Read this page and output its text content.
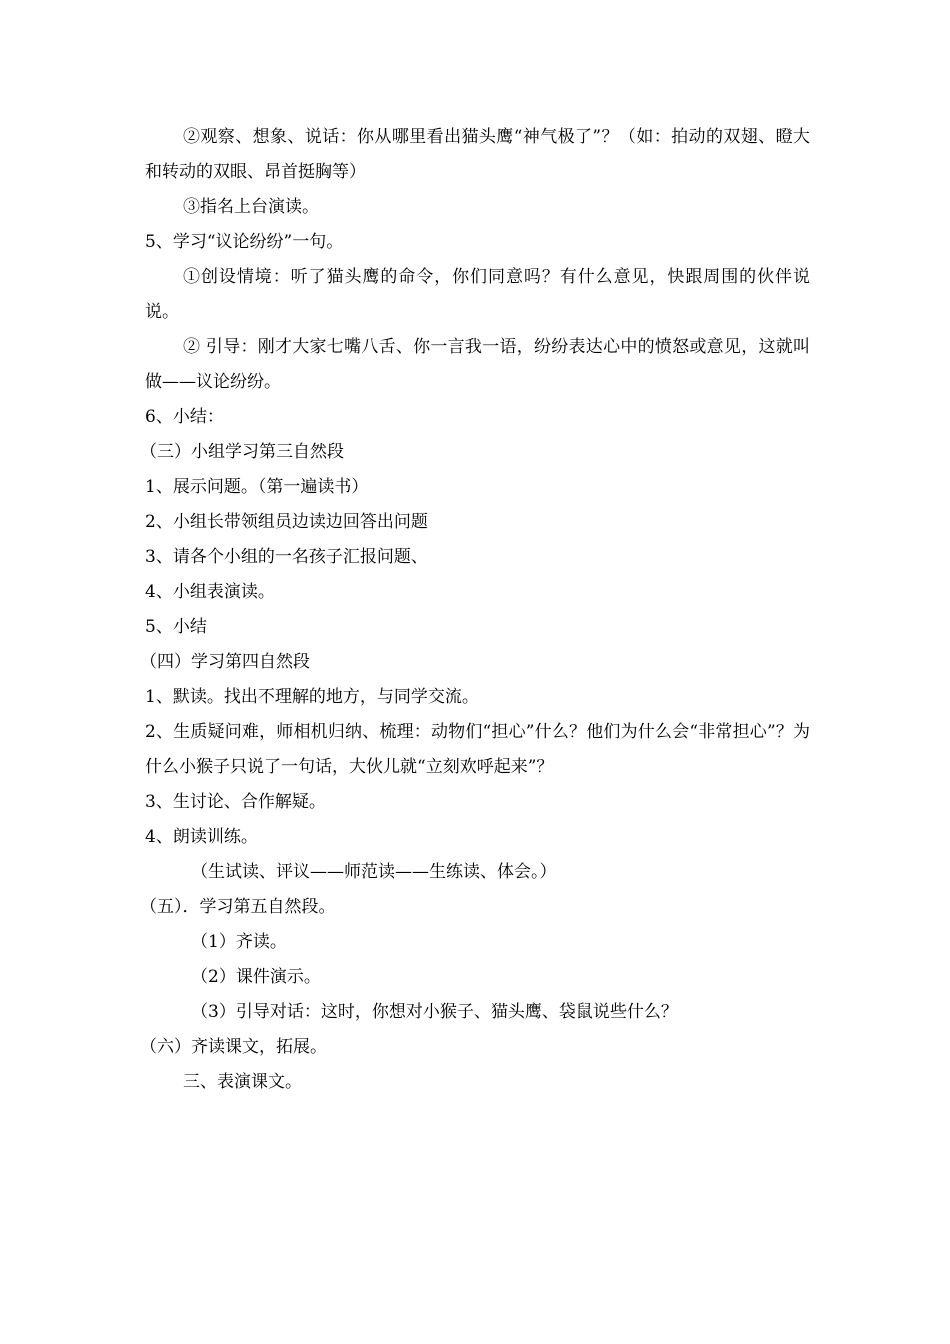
②观察、想象、说话：你从哪里看出猫头鹰“神气极了”？（如：拍动的双翅、瞪大和转动的双眼、昂首挺胸等）

③指名上台演读。

5、学习“议论纷纷”一句。

①创设情境：听了猫头鹰的命令，你们同意吗？有什么意见，快跟周围的伙伴说说。

② 引导：刚才大家七嘴八舌、你一言我一语，纷纷表达心中的愤怒或意见，这就叫做——议论纷纷。

6、小结：

（三）小组学习第三自然段

1、展示问题。（第一遍读书）

2、小组长带领组员边读边回答出问题

3、请各个小组的一名孩子汇报问题、

4、小组表演读。

5、小结

（四）学习第四自然段

1、默读。找出不理解的地方，与同学交流。

2、生质疑问难，师相机归纳、梳理：动物们“担心”什么？他们为什么会“非常担心”？为什么小猴子只说了一句话，大伙儿就“立刻欢呼起来”？

3、生讨论、合作解疑。

4、朗读训练。

（生试读、评议——师范读——生练读、体会。）

（五）．学习第五自然段。

（1）齐读。

（2）课件演示。

（3）引导对话：这时，你想对小猴子、猫头鹰、袋鼠说些什么？

（六）齐读课文，拓展。

三、表演课文。
